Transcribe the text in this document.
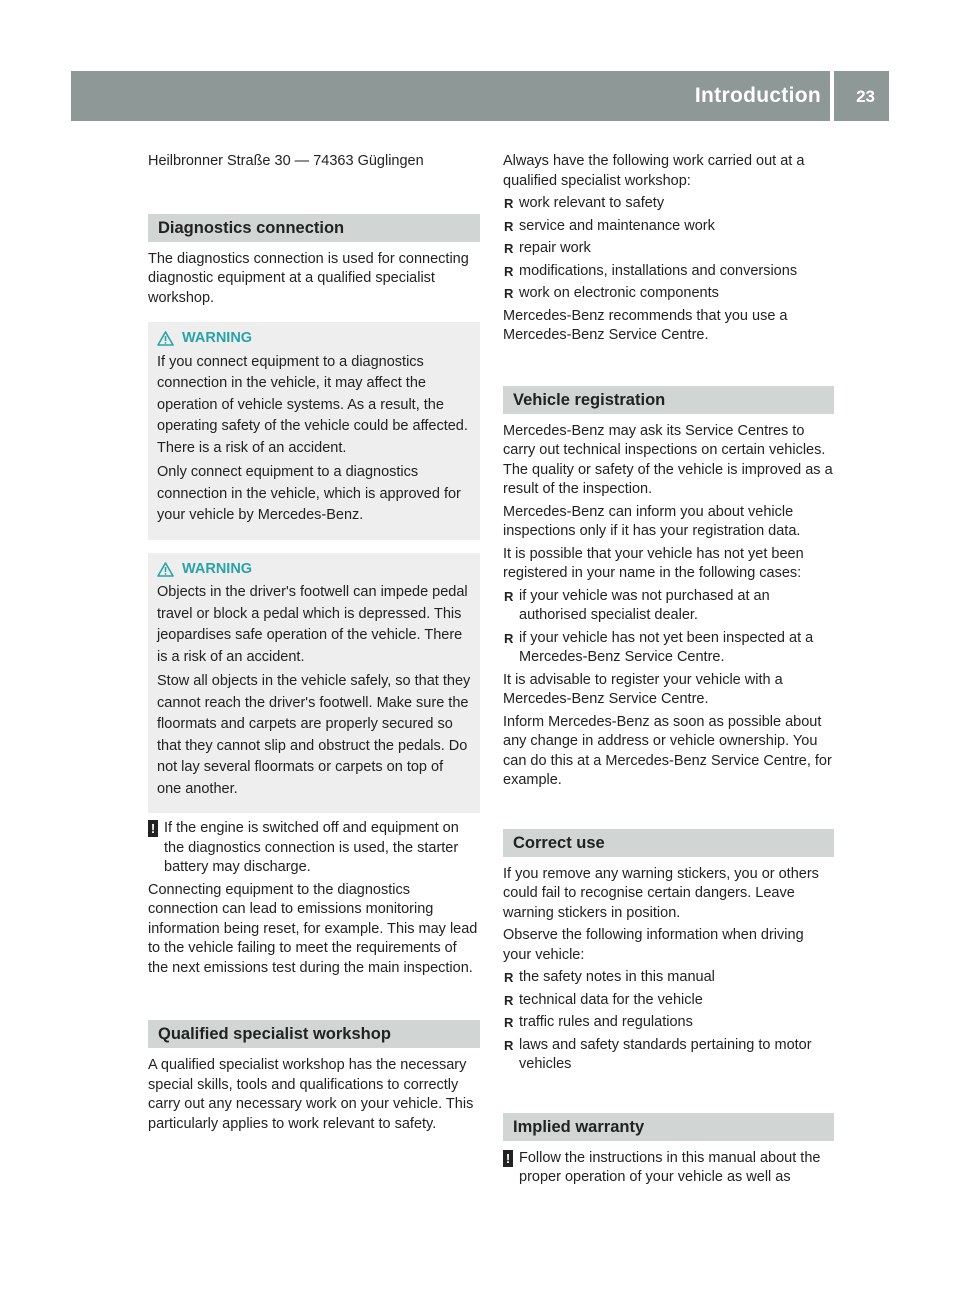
Introduction 23

Heilbronner Straße 30 — 74363 Güglingen

Diagnostics connection

The diagnostics connection is used for connecting diagnostic equipment at a qualified specialist workshop.

WARNING

If you connect equipment to a diagnostics connection in the vehicle, it may affect the operation of vehicle systems. As a result, the operating safety of the vehicle could be affected. There is a risk of an accident.

Only connect equipment to a diagnostics connection in the vehicle, which is approved for your vehicle by Mercedes-Benz.

WARNING

Objects in the driver's footwell can impede pedal travel or block a pedal which is depressed. This jeopardises safe operation of the vehicle. There is a risk of an accident.

Stow all objects in the vehicle safely, so that they cannot reach the driver's footwell. Make sure the floormats and carpets are properly secured so that they cannot slip and obstruct the pedals. Do not lay several floormats or carpets on top of one another.

! If the engine is switched off and equipment on the diagnostics connection is used, the starter battery may discharge.

Connecting equipment to the diagnostics connection can lead to emissions monitoring information being reset, for example. This may lead to the vehicle failing to meet the requirements of the next emissions test during the main inspection.

Qualified specialist workshop

A qualified specialist workshop has the necessary special skills, tools and qualifications to correctly carry out any necessary work on your vehicle. This particularly applies to work relevant to safety.

Always have the following work carried out at a qualified specialist workshop:

R work relevant to safety
R service and maintenance work
R repair work
R modifications, installations and conversions
R work on electronic components

Mercedes-Benz recommends that you use a Mercedes-Benz Service Centre.

Vehicle registration

Mercedes-Benz may ask its Service Centres to carry out technical inspections on certain vehicles. The quality or safety of the vehicle is improved as a result of the inspection.

Mercedes-Benz can inform you about vehicle inspections only if it has your registration data.

It is possible that your vehicle has not yet been registered in your name in the following cases:

R if your vehicle was not purchased at an authorised specialist dealer.
R if your vehicle has not yet been inspected at a Mercedes-Benz Service Centre.

It is advisable to register your vehicle with a Mercedes-Benz Service Centre.

Inform Mercedes-Benz as soon as possible about any change in address or vehicle ownership. You can do this at a Mercedes-Benz Service Centre, for example.

Correct use

If you remove any warning stickers, you or others could fail to recognise certain dangers. Leave warning stickers in position.

Observe the following information when driving your vehicle:

R the safety notes in this manual
R technical data for the vehicle
R traffic rules and regulations
R laws and safety standards pertaining to motor vehicles
Implied warranty
! Follow the instructions in this manual about the proper operation of your vehicle as well as
